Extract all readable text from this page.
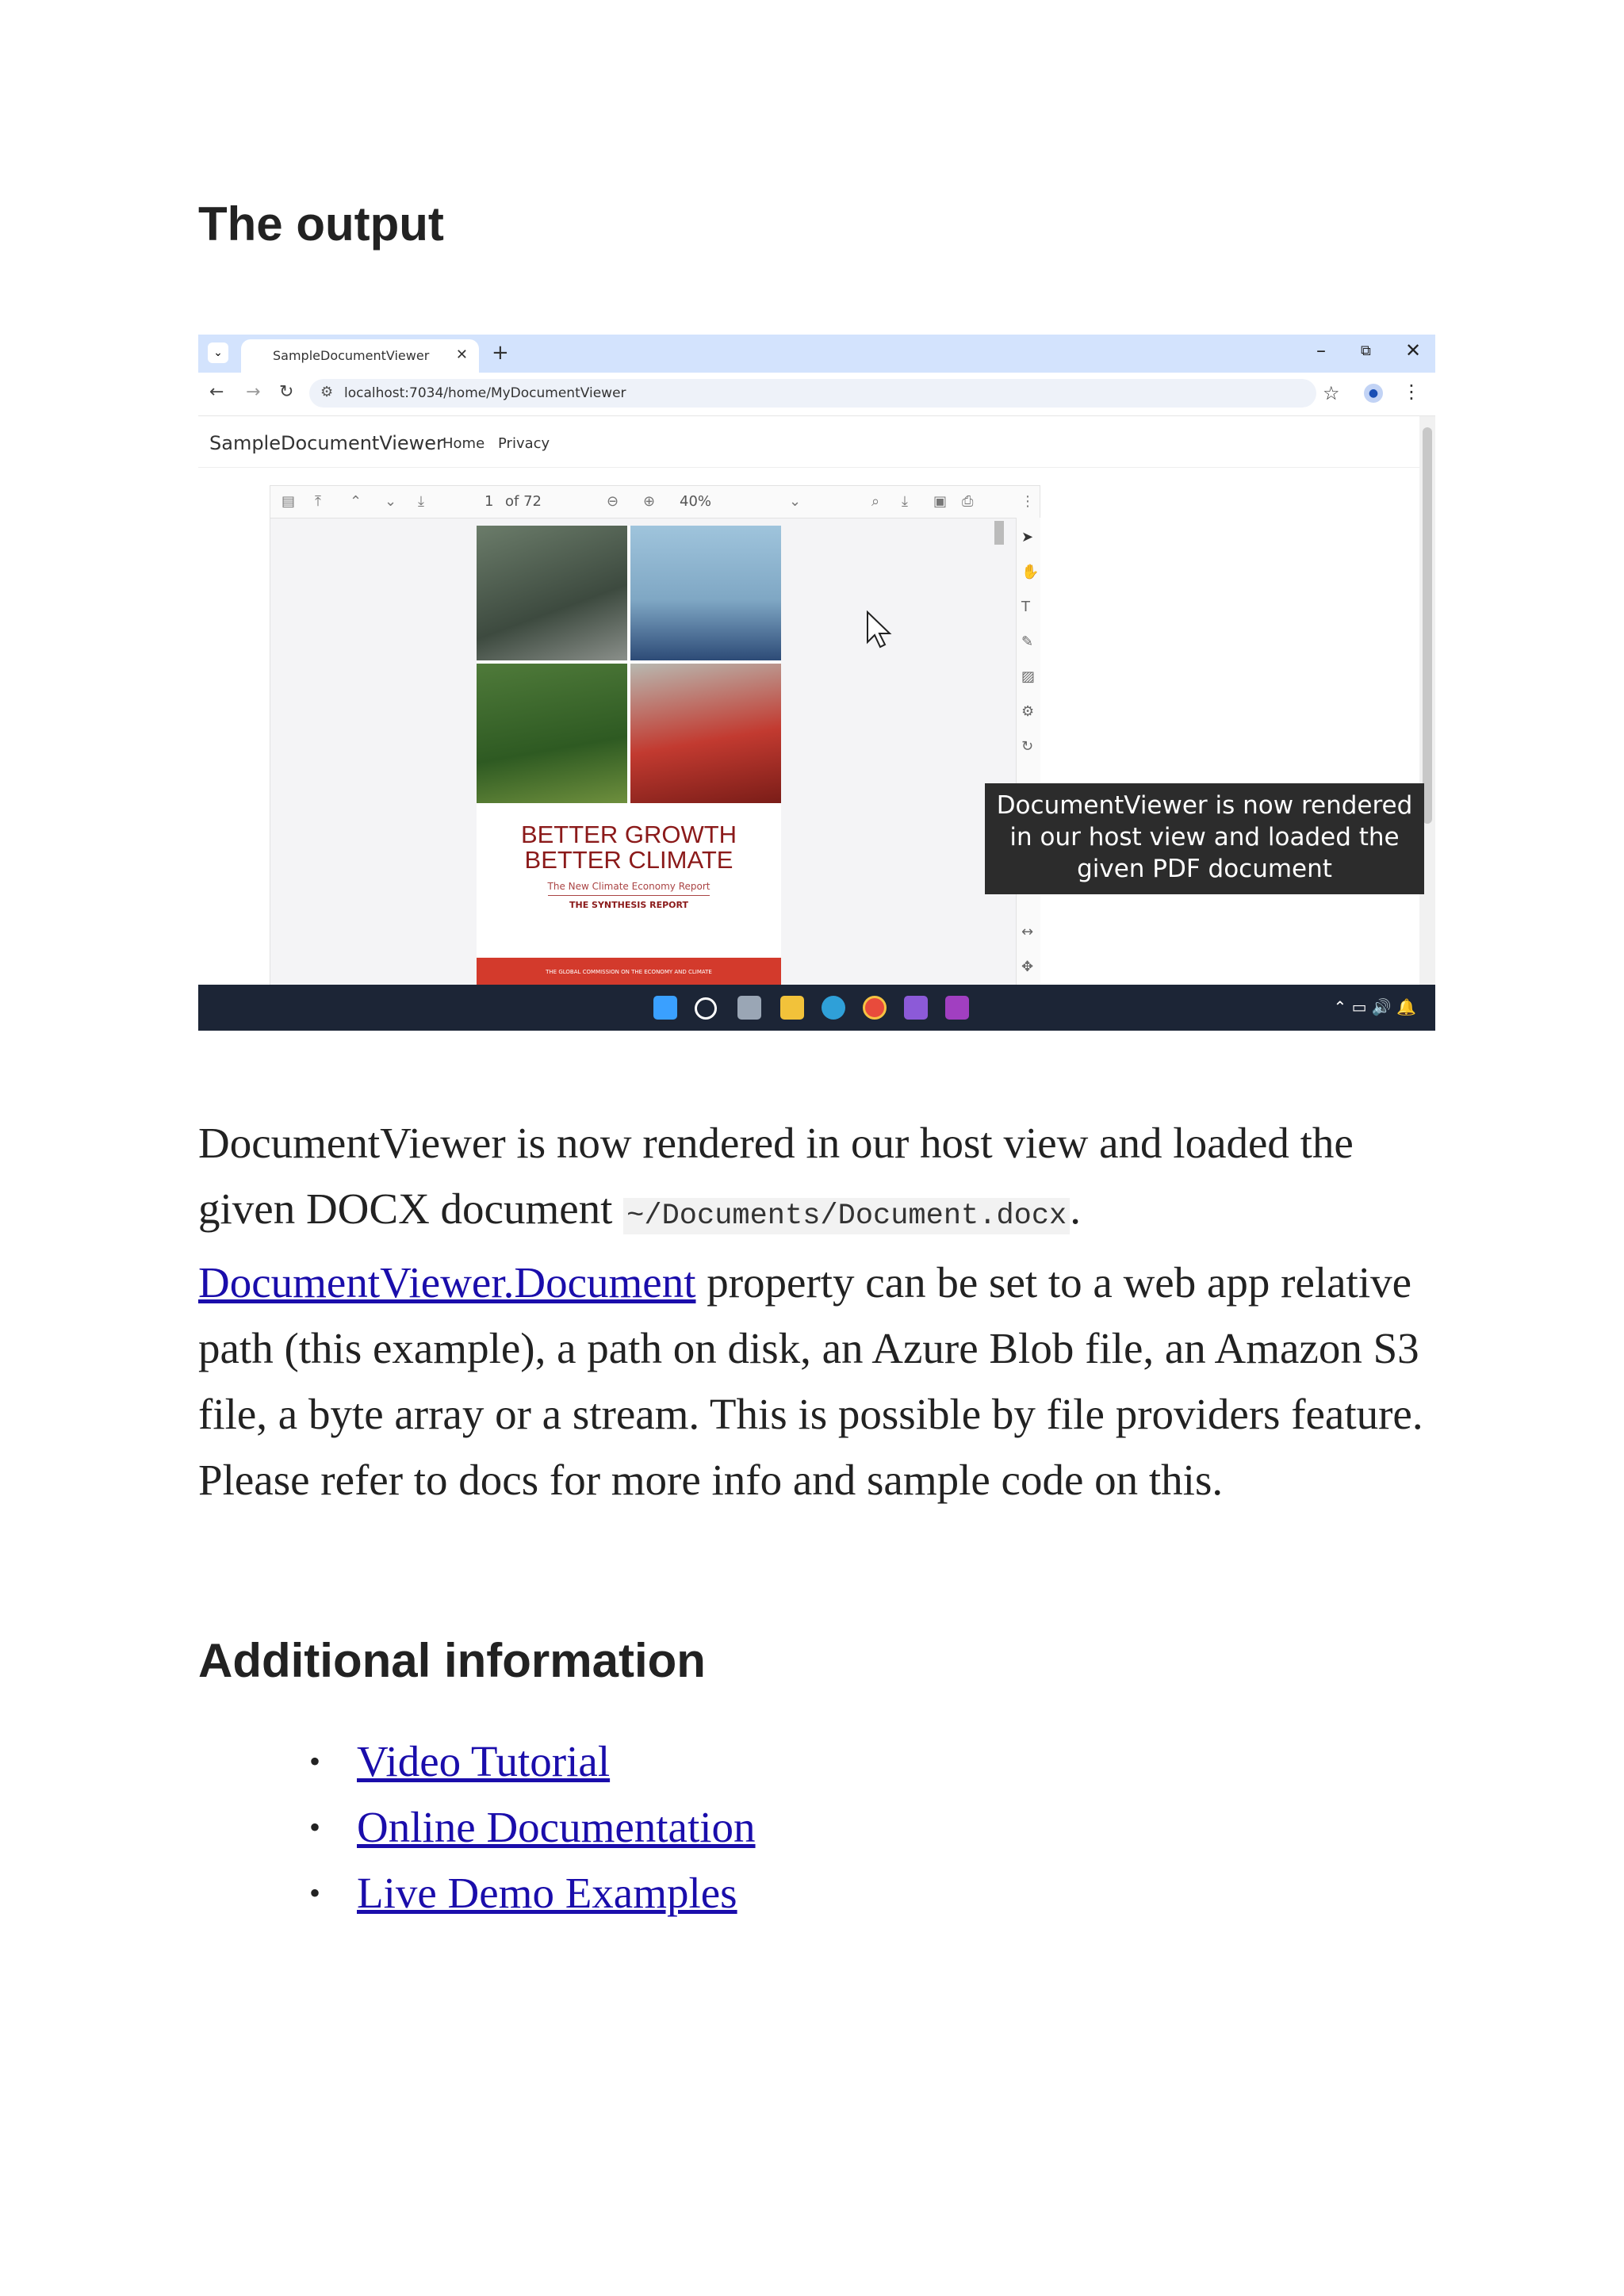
The output
⌄	SampleDocumentViewer ✕ +	– ⧉ ✕
← → ↻ ⚙ localhost:7034/home/MyDocumentViewer	☆	● ⋮
SampleDocumentViewer
Home Privacy
▤ ⤒ ⌃ ⌄ ⤓	1 of 72	⊖ ⊕ 40%	⌄	⌕ ⤓ ▣ ⎙	⋮
BETTER GROWTH
BETTER CLIMATE
The New Climate Economy Report
THE SYNTHESIS REPORT
THE GLOBAL COMMISSION ON THE ECONOMY AND CLIMATE
➤
✋
T
✎
▨
⚙
↻
↔
✥
DocumentViewer is now rendered in our host view and loaded the given PDF document
⌃ ▭ 🔊 🔔
DocumentViewer is now rendered in our host view and loaded the given DOCX document ~/Documents/Document.docx. DocumentViewer.Document property can be set to a web app relative path (this example), a path on disk, an Azure Blob file, an Amazon S3 file, a byte array or a stream. This is possible by file providers feature. Please refer to docs for more info and sample code on this.
Additional information
• Video Tutorial
• Online Documentation
• Live Demo Examples
